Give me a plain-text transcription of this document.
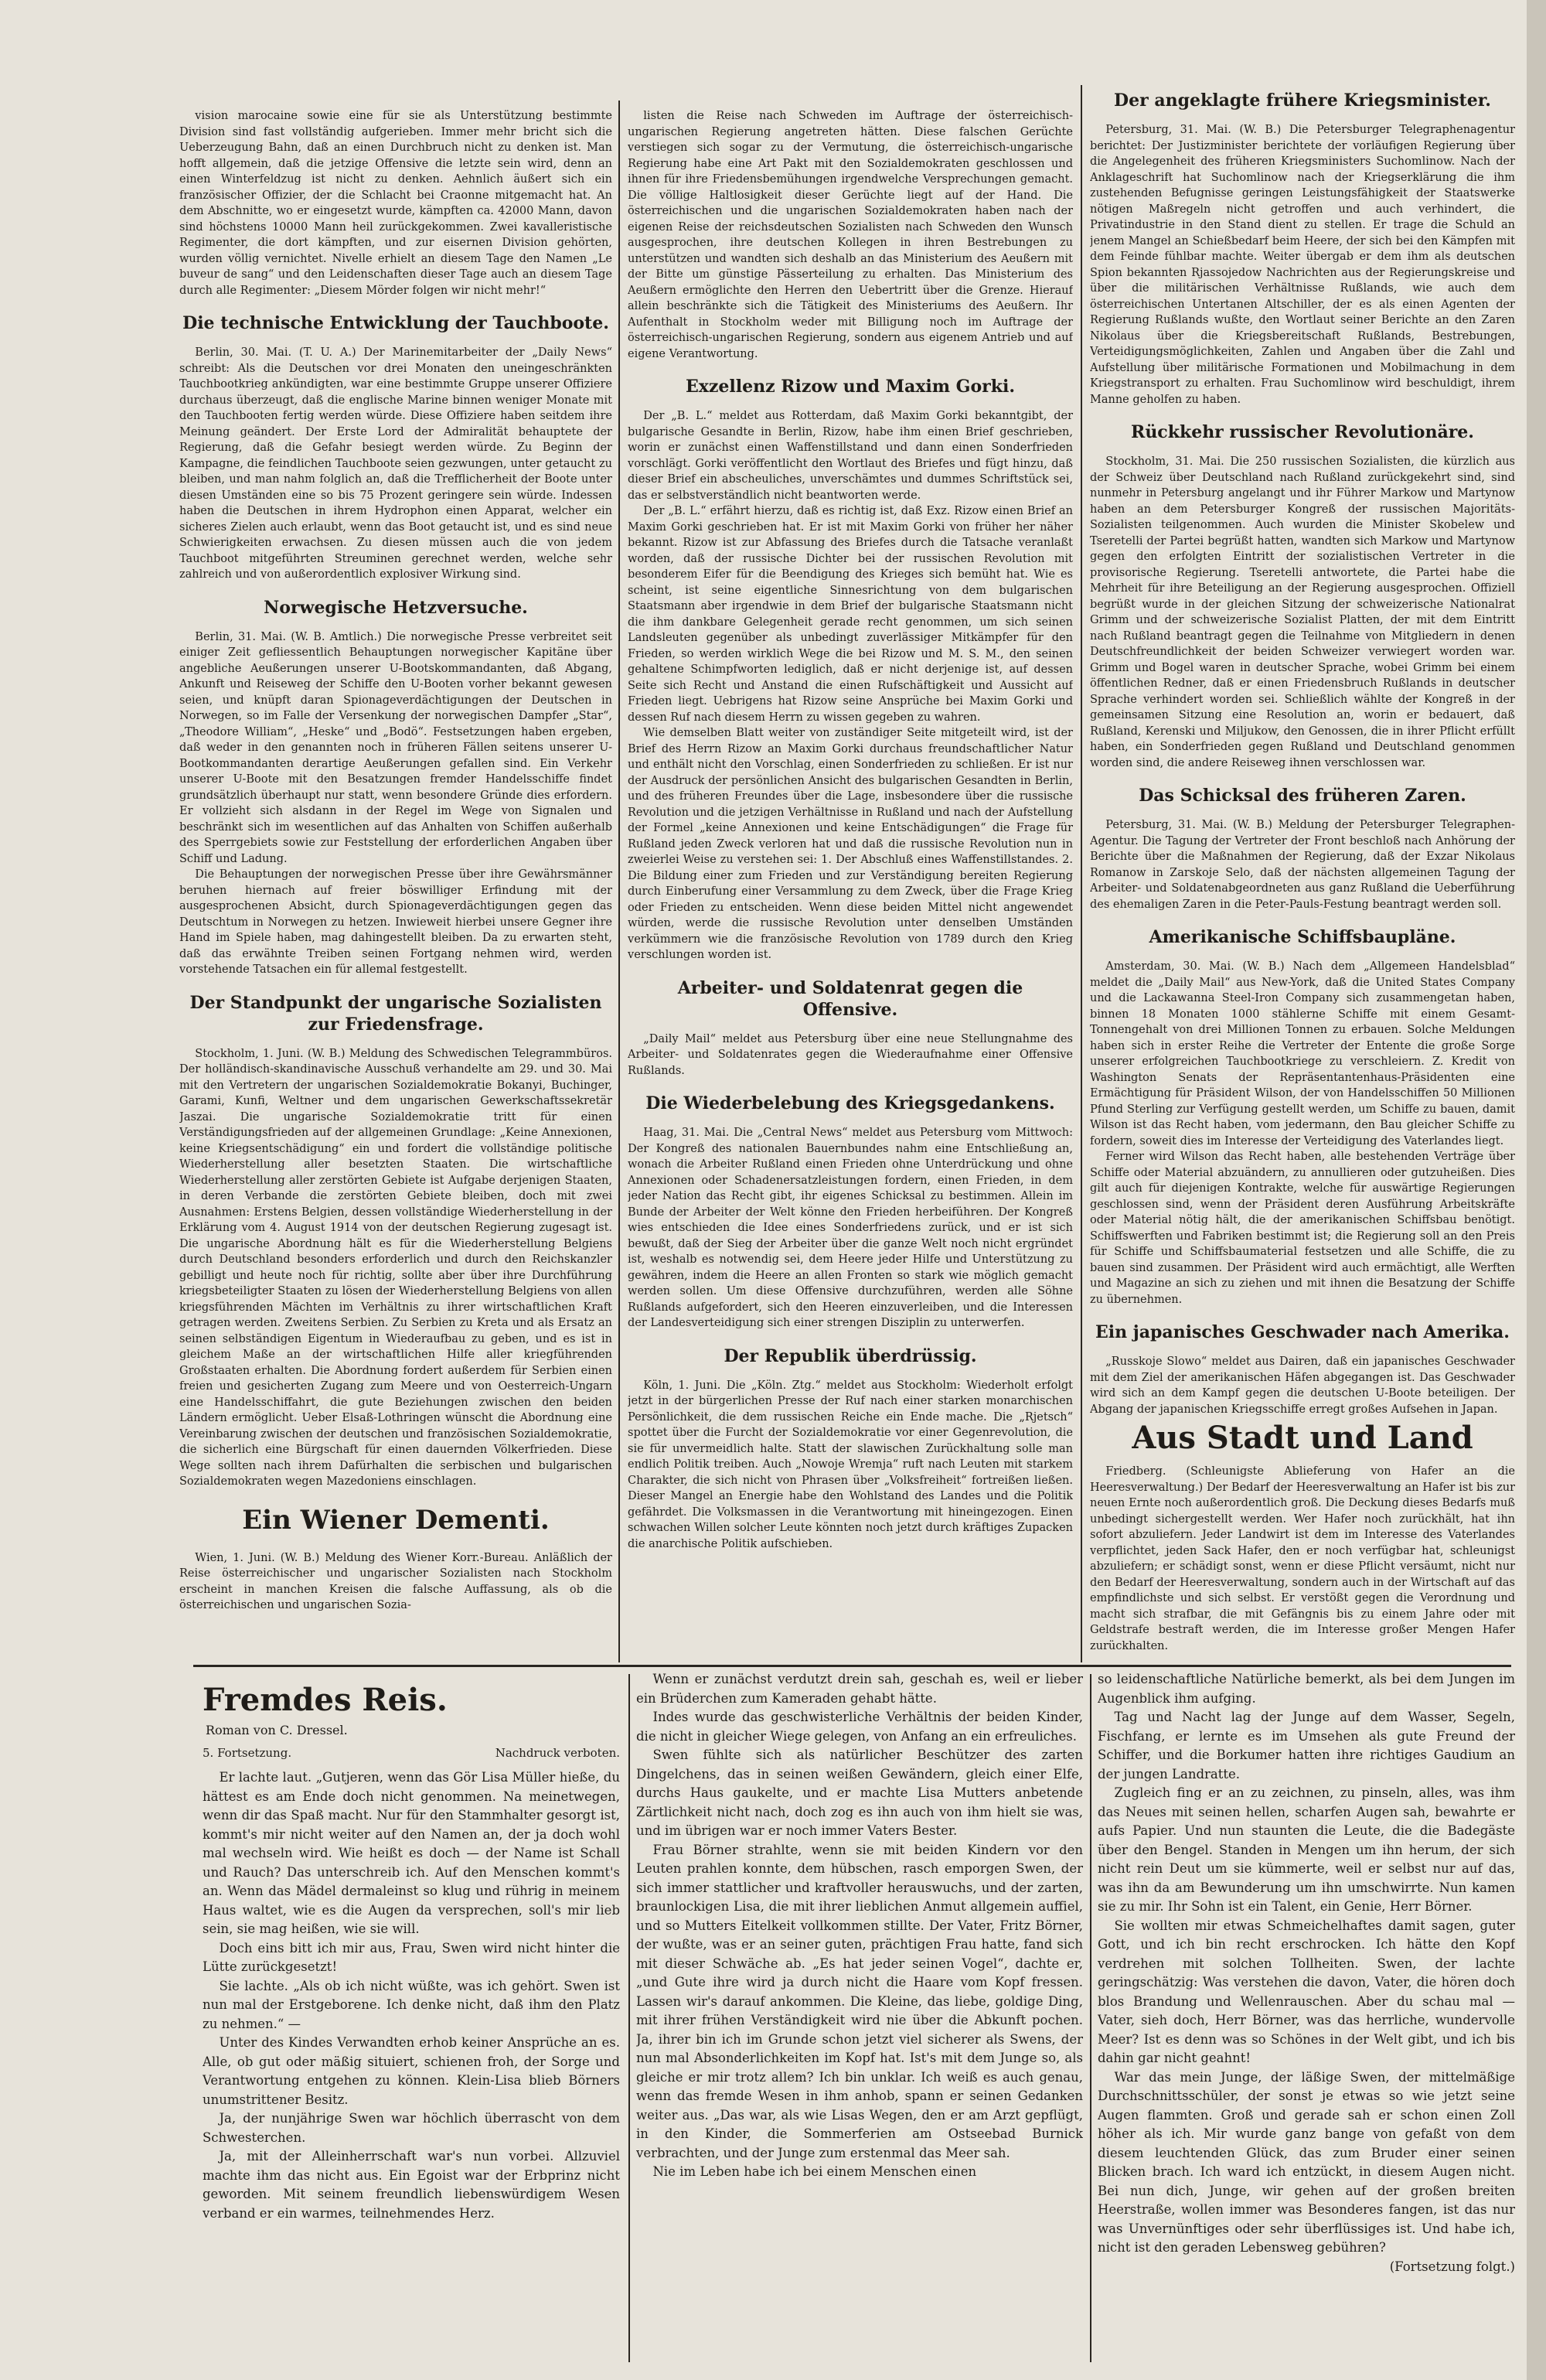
vision marocaine sowie eine für sie als Unterstützung bestimmte Division sind fast vollständig aufgerieben. Immer mehr bricht sich die Ueberzeugung Bahn, daß an einen Durchbruch nicht zu denken ist. Man hofft allgemein, daß die jetzige Offensive die letzte sein wird, denn an einen Winterfeldzug ist nicht zu denken. Aehnlich äußert sich ein französischer Offizier, der die Schlacht bei Craonne mitgemacht hat. An dem Abschnitte, wo er eingesetzt wurde, kämpften ca. 42000 Mann, davon sind höchstens 10000 Mann heil zurückgekommen. Zwei kavalleristische Regimenter, die dort kämpften, und zur eisernen Division gehörten, wurden völlig vernichtet. Nivelle erhielt an diesem Tage den Namen „Le buveur de sang“ und den Leidenschaften dieser Tage auch an diesem Tage durch alle Regimenter: „Diesem Mörder folgen wir nicht mehr!“

Die technische Entwicklung der Tauchboote.

Berlin, 30. Mai. (T. U. A.) Der Marinemitarbeiter der „Daily News“ schreibt: Als die Deutschen vor drei Monaten den uneingeschränkten Tauchbootkrieg ankündigten, war eine bestimmte Gruppe unserer Offiziere durchaus überzeugt, daß die englische Marine binnen weniger Monate mit den Tauchbooten fertig werden würde. Diese Offiziere haben seitdem ihre Meinung geändert. Der Erste Lord der Admiralität behauptete der Regierung, daß die Gefahr besiegt werden würde. Zu Beginn der Kampagne, die feindlichen Tauchboote seien gezwungen, unter getaucht zu bleiben, und man nahm folglich an, daß die Trefflicherheit der Boote unter diesen Umständen eine so bis 75 Prozent geringere sein würde. Indessen haben die Deutschen in ihrem Hydrophon einen Apparat, welcher ein sicheres Zielen auch erlaubt, wenn das Boot getaucht ist, und es sind neue Schwierigkeiten erwachsen. Zu diesen müssen auch die von jedem Tauchboot mitgeführten Streuminen gerechnet werden, welche sehr zahlreich und von außerordentlich explosiver Wirkung sind.

Norwegische Hetzversuche.

Berlin, 31. Mai. (W. B. Amtlich.) Die norwegische Presse verbreitet seit einiger Zeit gefliessentlich Behauptungen norwegischer Kapitäne über angebliche Aeußerungen unserer U-Bootskommandanten, daß Abgang, Ankunft und Reiseweg der Schiffe den U-Booten vorher bekannt gewesen seien, und knüpft daran Spionageverdächtigungen der Deutschen in Norwegen, so im Falle der Versenkung der norwegischen Dampfer „Star“, „Theodore William“, „Heske“ und „Bodö“. Festsetzungen haben ergeben, daß weder in den genannten noch in früheren Fällen seitens unserer U-Bootkommandanten derartige Aeußerungen gefallen sind. Ein Verkehr unserer U-Boote mit den Besatzungen fremder Handelsschiffe findet grundsätzlich überhaupt nur statt, wenn besondere Gründe dies erfordern. Er vollzieht sich alsdann in der Regel im Wege von Signalen und beschränkt sich im wesentlichen auf das Anhalten von Schiffen außerhalb des Sperrgebiets sowie zur Feststellung der erforderlichen Angaben über Schiff und Ladung.

Die Behauptungen der norwegischen Presse über ihre Gewährsmänner beruhen hiernach auf freier böswilliger Erfindung mit der ausgesprochenen Absicht, durch Spionageverdächtigungen gegen das Deutschtum in Norwegen zu hetzen. Inwieweit hierbei unsere Gegner ihre Hand im Spiele haben, mag dahingestellt bleiben. Da zu erwarten steht, daß das erwähnte Treiben seinen Fortgang nehmen wird, werden vorstehende Tatsachen ein für allemal festgestellt.

Der Standpunkt der ungarische Sozialisten zur Friedensfrage.

Stockholm, 1. Juni. (W. B.) Meldung des Schwedischen Telegrammbüros. Der holländisch-skandinavische Ausschuß verhandelte am 29. und 30. Mai mit den Vertretern der ungarischen Sozialdemokratie Bokanyi, Buchinger, Garami, Kunfi, Weltner und dem ungarischen Gewerkschaftssekretär Jaszai. Die ungarische Sozialdemokratie tritt für einen Verständigungsfrieden auf der allgemeinen Grundlage: „Keine Annexionen, keine Kriegsentschädigung“ ein und fordert die vollständige politische Wiederherstellung aller besetzten Staaten. Die wirtschaftliche Wiederherstellung aller zerstörten Gebiete ist Aufgabe derjenigen Staaten, in deren Verbande die zerstörten Gebiete bleiben, doch mit zwei Ausnahmen: Erstens Belgien, dessen vollständige Wiederherstellung in der Erklärung vom 4. August 1914 von der deutschen Regierung zugesagt ist. Die ungarische Abordnung hält es für die Wiederherstellung Belgiens durch Deutschland besonders erforderlich und durch den Reichskanzler gebilligt und heute noch für richtig, sollte aber über ihre Durchführung kriegsbeteiligter Staaten zu lösen der Wiederherstellung Belgiens von allen kriegsführenden Mächten im Verhältnis zu ihrer wirtschaftlichen Kraft getragen werden. Zweitens Serbien. Zu Serbien zu Kreta und als Ersatz an seinen selbständigen Eigentum in Wiederaufbau zu geben, und es ist in gleichem Maße an der wirtschaftlichen Hilfe aller kriegführenden Großstaaten erhalten. Die Abordnung fordert außerdem für Serbien einen freien und gesicherten Zugang zum Meere und von Oesterreich-Ungarn eine Handelsschiffahrt, die gute Beziehungen zwischen den beiden Ländern ermöglicht. Ueber Elsaß-Lothringen wünscht die Abordnung eine Vereinbarung zwischen der deutschen und französischen Sozialdemokratie, die sicherlich eine Bürgschaft für einen dauernden Völkerfrieden. Diese Wege sollten nach ihrem Dafürhalten die serbischen und bulgarischen Sozialdemokraten wegen Mazedoniens einschlagen.

Ein Wiener Dementi.

Wien, 1. Juni. (W. B.) Meldung des Wiener Korr.-Bureau. Anläßlich der Reise österreichischer und ungarischer Sozialisten nach Stockholm erscheint in manchen Kreisen die falsche Auffassung, als ob die österreichischen und ungarischen Sozia-

listen die Reise nach Schweden im Auftrage der österreichisch-ungarischen Regierung angetreten hätten. Diese falschen Gerüchte verstiegen sich sogar zu der Vermutung, die österreichisch-ungarische Regierung habe eine Art Pakt mit den Sozialdemokraten geschlossen und ihnen für ihre Friedensbemühungen irgendwelche Versprechungen gemacht. Die völlige Haltlosigkeit dieser Gerüchte liegt auf der Hand. Die österreichischen und die ungarischen Sozialdemokraten haben nach der eigenen Reise der reichsdeutschen Sozialisten nach Schweden den Wunsch ausgesprochen, ihre deutschen Kollegen in ihren Bestrebungen zu unterstützen und wandten sich deshalb an das Ministerium des Aeußern mit der Bitte um günstige Pässerteilung zu erhalten. Das Ministerium des Aeußern ermöglichte den Herren den Uebertritt über die Grenze. Hierauf allein beschränkte sich die Tätigkeit des Ministeriums des Aeußern. Ihr Aufenthalt in Stockholm weder mit Billigung noch im Auftrage der österreichisch-ungarischen Regierung, sondern aus eigenem Antrieb und auf eigene Verantwortung.

Exzellenz Rizow und Maxim Gorki.

Der „B. L.“ meldet aus Rotterdam, daß Maxim Gorki bekanntgibt, der bulgarische Gesandte in Berlin, Rizow, habe ihm einen Brief geschrieben, worin er zunächst einen Waffenstillstand und dann einen Sonderfrieden vorschlägt. Gorki veröffentlicht den Wortlaut des Briefes und fügt hinzu, daß dieser Brief ein abscheuliches, unverschämtes und dummes Schriftstück sei, das er selbstverständlich nicht beantworten werde.

Der „B. L.“ erfährt hierzu, daß es richtig ist, daß Exz. Rizow einen Brief an Maxim Gorki geschrieben hat. Er ist mit Maxim Gorki von früher her näher bekannt. Rizow ist zur Abfassung des Briefes durch die Tatsache veranlaßt worden, daß der russische Dichter bei der russischen Revolution mit besonderem Eifer für die Beendigung des Krieges sich bemüht hat. Wie es scheint, ist seine eigentliche Sinnesrichtung von dem bulgarischen Staatsmann aber irgendwie in dem Brief der bulgarische Staatsmann nicht die ihm dankbare Gelegenheit gerade recht genommen, um sich seinen Landsleuten gegenüber als unbedingt zuverlässiger Mitkämpfer für den Frieden, so werden wirklich Wege die bei Rizow und M. S. M., den seinen gehaltene Schimpfworten lediglich, daß er nicht derjenige ist, auf dessen Seite sich Recht und Anstand die einen Rufschäftigkeit und Aussicht auf Frieden liegt. Uebrigens hat Rizow seine Ansprüche bei Maxim Gorki und dessen Ruf nach diesem Herrn zu wissen gegeben zu wahren.

Wie demselben Blatt weiter von zuständiger Seite mitgeteilt wird, ist der Brief des Herrn Rizow an Maxim Gorki durchaus freundschaftlicher Natur und enthält nicht den Vorschlag, einen Sonderfrieden zu schließen. Er ist nur der Ausdruck der persönlichen Ansicht des bulgarischen Gesandten in Berlin, und des früheren Freundes über die Lage, insbesondere über die russische Revolution und die jetzigen Verhältnisse in Rußland und nach der Aufstellung der Formel „keine Annexionen und keine Entschädigungen“ die Frage für Rußland jeden Zweck verloren hat und daß die russische Revolution nun in zweierlei Weise zu verstehen sei: 1. Der Abschluß eines Waffenstillstandes. 2. Die Bildung einer zum Frieden und zur Verständigung bereiten Regierung durch Einberufung einer Versammlung zu dem Zweck, über die Frage Krieg oder Frieden zu entscheiden. Wenn diese beiden Mittel nicht angewendet würden, werde die russische Revolution unter denselben Umständen verkümmern wie die französische Revolution von 1789 durch den Krieg verschlungen worden ist.

Arbeiter- und Soldatenrat gegen die Offensive.

„Daily Mail“ meldet aus Petersburg über eine neue Stellungnahme des Arbeiter- und Soldatenrates gegen die Wiederaufnahme einer Offensive Rußlands.

Die Wiederbelebung des Kriegsgedankens.

Haag, 31. Mai. Die „Central News“ meldet aus Petersburg vom Mittwoch: Der Kongreß des nationalen Bauernbundes nahm eine Entschließung an, wonach die Arbeiter Rußland einen Frieden ohne Unterdrückung und ohne Annexionen oder Schadenersatzleistungen fordern, einen Frieden, in dem jeder Nation das Recht gibt, ihr eigenes Schicksal zu bestimmen. Allein im Bunde der Arbeiter der Welt könne den Frieden herbeiführen. Der Kongreß wies entschieden die Idee eines Sonderfriedens zurück, und er ist sich bewußt, daß der Sieg der Arbeiter über die ganze Welt noch nicht ergründet ist, weshalb es notwendig sei, dem Heere jeder Hilfe und Unterstützung zu gewähren, indem die Heere an allen Fronten so stark wie möglich gemacht werden sollen. Um diese Offensive durchzuführen, werden alle Söhne Rußlands aufgefordert, sich den Heeren einzuverleiben, und die Interessen der Landesverteidigung sich einer strengen Disziplin zu unterwerfen.

Der Republik überdrüssig.

Köln, 1. Juni. Die „Köln. Ztg.“ meldet aus Stockholm: Wiederholt erfolgt jetzt in der bürgerlichen Presse der Ruf nach einer starken monarchischen Persönlichkeit, die dem russischen Reiche ein Ende mache. Die „Rjetsch“ spottet über die Furcht der Sozialdemokratie vor einer Gegenrevolution, die sie für unvermeidlich halte. Statt der slawischen Zurückhaltung solle man endlich Politik treiben. Auch „Nowoje Wremja“ ruft nach Leuten mit starkem Charakter, die sich nicht von Phrasen über „Volksfreiheit“ fortreißen ließen. Dieser Mangel an Energie habe den Wohlstand des Landes und die Politik gefährdet. Die Volksmassen in die Verantwortung mit hineingezogen. Einen schwachen Willen solcher Leute könnten noch jetzt durch kräftiges Zupacken die anarchische Politik aufschieben.

Der angeklagte frühere Kriegsminister.

Petersburg, 31. Mai. (W. B.) Die Petersburger Telegraphenagentur berichtet: Der Justizminister berichtete der vorläufigen Regierung über die Angelegenheit des früheren Kriegsministers Suchomlinow. Nach der Anklageschrift hat Suchomlinow nach der Kriegserklärung die ihm zustehenden Befugnisse geringen Leistungsfähigkeit der Staatswerke nötigen Maßregeln nicht getroffen und auch verhindert, die Privatindustrie in den Stand dient zu stellen. Er trage die Schuld an jenem Mangel an Schießbedarf beim Heere, der sich bei den Kämpfen mit dem Feinde fühlbar machte. Weiter übergab er dem ihm als deutschen Spion bekannten Rjassojedow Nachrichten aus der Regierungskreise und über die militärischen Verhältnisse Rußlands, wie auch dem österreichischen Untertanen Altschiller, der es als einen Agenten der Regierung Rußlands wußte, den Wortlaut seiner Berichte an den Zaren Nikolaus über die Kriegsbereitschaft Rußlands, Bestrebungen, Verteidigungsmöglichkeiten, Zahlen und Angaben über die Zahl und Aufstellung über militärische Formationen und Mobilmachung in dem Kriegstransport zu erhalten. Frau Suchomlinow wird beschuldigt, ihrem Manne geholfen zu haben.

Rückkehr russischer Revolutionäre.

Stockholm, 31. Mai. Die 250 russischen Sozialisten, die kürzlich aus der Schweiz über Deutschland nach Rußland zurückgekehrt sind, sind nunmehr in Petersburg angelangt und ihr Führer Markow und Martynow haben an dem Petersburger Kongreß der russischen Majoritäts-Sozialisten teilgenommen. Auch wurden die Minister Skobelew und Tseretelli der Partei begrüßt hatten, wandten sich Markow und Martynow gegen den erfolgten Eintritt der sozialistischen Vertreter in die provisorische Regierung. Tseretelli antwortete, die Partei habe die Mehrheit für ihre Beteiligung an der Regierung ausgesprochen. Offiziell begrüßt wurde in der gleichen Sitzung der schweizerische Nationalrat Grimm und der schweizerische Sozialist Platten, der mit dem Eintritt nach Rußland beantragt gegen die Teilnahme von Mitgliedern in denen Deutschfreundlichkeit der beiden Schweizer verwiegert worden war. Grimm und Bogel waren in deutscher Sprache, wobei Grimm bei einem öffentlichen Redner, daß er einen Friedensbruch Rußlands in deutscher Sprache verhindert worden sei. Schließlich wählte der Kongreß in der gemeinsamen Sitzung eine Resolution an, worin er bedauert, daß Rußland, Kerenski und Miljukow, den Genossen, die in ihrer Pflicht erfüllt haben, ein Sonderfrieden gegen Rußland und Deutschland genommen worden sind, die andere Reiseweg ihnen verschlossen war.

Das Schicksal des früheren Zaren.

Petersburg, 31. Mai. (W. B.) Meldung der Petersburger Telegraphen-Agentur. Die Tagung der Vertreter der Front beschloß nach Anhörung der Berichte über die Maßnahmen der Regierung, daß der Exzar Nikolaus Romanow in Zarskoje Selo, daß der nächsten allgemeinen Tagung der Arbeiter- und Soldatenabgeordneten aus ganz Rußland die Ueberführung des ehemaligen Zaren in die Peter-Pauls-Festung beantragt werden soll.

Amerikanische Schiffsbaupläne.

Amsterdam, 30. Mai. (W. B.) Nach dem „Allgemeen Handelsblad“ meldet die „Daily Mail“ aus New-York, daß die United States Company und die Lackawanna Steel-Iron Company sich zusammengetan haben, binnen 18 Monaten 1000 stählerne Schiffe mit einem Gesamt-Tonnengehalt von drei Millionen Tonnen zu erbauen. Solche Meldungen haben sich in erster Reihe die Vertreter der Entente die große Sorge unserer erfolgreichen Tauchbootkriege zu verschleiern. Z. Kredit von Washington Senats der Repräsentantenhaus-Präsidenten eine Ermächtigung für Präsident Wilson, der von Handelsschiffen 50 Millionen Pfund Sterling zur Verfügung gestellt werden, um Schiffe zu bauen, damit Wilson ist das Recht haben, vom jedermann, den Bau gleicher Schiffe zu fordern, soweit dies im Interesse der Verteidigung des Vaterlandes liegt.

Ferner wird Wilson das Recht haben, alle bestehenden Verträge über Schiffe oder Material abzuändern, zu annullieren oder gutzuheißen. Dies gilt auch für diejenigen Kontrakte, welche für auswärtige Regierungen geschlossen sind, wenn der Präsident deren Ausführung Arbeitskräfte oder Material nötig hält, die der amerikanischen Schiffsbau benötigt. Schiffswerften und Fabriken bestimmt ist; die Regierung soll an den Preis für Schiffe und Schiffsbaumaterial festsetzen und alle Schiffe, die zu bauen sind zusammen. Der Präsident wird auch ermächtigt, alle Werften und Magazine an sich zu ziehen und mit ihnen die Besatzung der Schiffe zu übernehmen.

Ein japanisches Geschwader nach Amerika.

„Russkoje Slowo“ meldet aus Dairen, daß ein japanisches Geschwader mit dem Ziel der amerikanischen Häfen abgegangen ist. Das Geschwader wird sich an dem Kampf gegen die deutschen U-Boote beteiligen. Der Abgang der japanischen Kriegsschiffe erregt großes Aufsehen in Japan.

Aus Stadt und Land

Friedberg. (Schleunigste Ablieferung von Hafer an die Heeresverwaltung.) Der Bedarf der Heeresverwaltung an Hafer ist bis zur neuen Ernte noch außerordentlich groß. Die Deckung dieses Bedarfs muß unbedingt sichergestellt werden. Wer Hafer noch zurückhält, hat ihn sofort abzuliefern. Jeder Landwirt ist dem im Interesse des Vaterlandes verpflichtet, jeden Sack Hafer, den er noch verfügbar hat, schleunigst abzuliefern; er schädigt sonst, wenn er diese Pflicht versäumt, nicht nur den Bedarf der Heeresverwaltung, sondern auch in der Wirtschaft auf das empfindlichste und sich selbst. Er verstößt gegen die Verordnung und macht sich strafbar, die mit Gefängnis bis zu einem Jahre oder mit Geldstrafe bestraft werden, die im Interesse großer Mengen Hafer zurückhalten.

Fremdes Reis.
Roman von C. Dressel.
5. Fortsetzung.	Nachdruck verboten.

Er lachte laut. „Gutjeren, wenn das Gör Lisa Müller hieße, du hättest es am Ende doch nicht genommen. Na meinetwegen, wenn dir das Spaß macht. Nur für den Stammhalter gesorgt ist, kommt's mir nicht weiter auf den Namen an, der ja doch wohl mal wechseln wird. Wie heißt es doch — der Name ist Schall und Rauch? Das unterschreib ich. Auf den Menschen kommt's an. Wenn das Mädel dermaleinst so klug und rührig in meinem Haus waltet, wie es die Augen da versprechen, soll's mir lieb sein, sie mag heißen, wie sie will.

Doch eins bitt ich mir aus, Frau, Swen wird nicht hinter die Lütte zurückgesetzt!

Sie lachte. „Als ob ich nicht wüßte, was ich gehört. Swen ist nun mal der Erstgeborene. Ich denke nicht, daß ihm den Platz zu nehmen.“ —

Unter des Kindes Verwandten erhob keiner Ansprüche an es. Alle, ob gut oder mäßig situiert, schienen froh, der Sorge und Verantwortung entgehen zu können. Klein-Lisa blieb Börners unumstrittener Besitz.

Ja, der nunjährige Swen war höchlich überrascht von dem Schwesterchen.

Ja, mit der Alleinherrschaft war's nun vorbei. Allzuviel machte ihm das nicht aus. Ein Egoist war der Erbprinz nicht geworden. Mit seinem freundlich liebenswürdigem Wesen verband er ein warmes, teilnehmendes Herz.

Wenn er zunächst verdutzt drein sah, geschah es, weil er lieber ein Brüderchen zum Kameraden gehabt hätte.

Indes wurde das geschwisterliche Verhältnis der beiden Kinder, die nicht in gleicher Wiege gelegen, von Anfang an ein erfreuliches.

Swen fühlte sich als natürlicher Beschützer des zarten Dingelchens, das in seinen weißen Gewändern, gleich einer Elfe, durchs Haus gaukelte, und er machte Lisa Mutters anbetende Zärtlichkeit nicht nach, doch zog es ihn auch von ihm hielt sie was, und im übrigen war er noch immer Vaters Bester.

Frau Börner strahlte, wenn sie mit beiden Kindern vor den Leuten prahlen konnte, dem hübschen, rasch emporgen Swen, der sich immer stattlicher und kraftvoller herauswuchs, und der zarten, braunlockigen Lisa, die mit ihrer lieblichen Anmut allgemein auffiel, und so Mutters Eitelkeit vollkommen stillte. Der Vater, Fritz Börner, der wußte, was er an seiner guten, prächtigen Frau hatte, fand sich mit dieser Schwäche ab. „Es hat jeder seinen Vogel“, dachte er, „und Gute ihre wird ja durch nicht die Haare vom Kopf fressen. Lassen wir's darauf ankommen. Die Kleine, das liebe, goldige Ding, mit ihrer frühen Verständigkeit wird nie über die Abkunft pochen. Ja, ihrer bin ich im Grunde schon jetzt viel sicherer als Swens, der nun mal Absonderlichkeiten im Kopf hat. Ist's mit dem Junge so, als gleiche er mir trotz allem? Ich bin unklar. Ich weiß es auch genau, wenn das fremde Wesen in ihm anhob, spann er seinen Gedanken weiter aus. „Das war, als wie Lisas Wegen, den er am Arzt gepflügt, in den Kinder, die Sommerferien am Ostseebad Burnick verbrachten, und der Junge zum erstenmal das Meer sah.

Nie im Leben habe ich bei einem Menschen einen

so leidenschaftliche Natürliche bemerkt, als bei dem Jungen im Augenblick ihm aufging.

Tag und Nacht lag der Junge auf dem Wasser, Segeln, Fischfang, er lernte es im Umsehen als gute Freund der Schiffer, und die Borkumer hatten ihre richtiges Gaudium an der jungen Landratte.

Zugleich fing er an zu zeichnen, zu pinseln, alles, was ihm das Neues mit seinen hellen, scharfen Augen sah, bewahrte er aufs Papier. Und nun staunten die Leute, die die Badegäste über den Bengel. Standen in Mengen um ihn herum, der sich nicht rein Deut um sie kümmerte, weil er selbst nur auf das, was ihn da am Bewunderung um ihn umschwirrte. Nun kamen sie zu mir. Ihr Sohn ist ein Talent, ein Genie, Herr Börner.

Sie wollten mir etwas Schmeichelhaftes damit sagen, guter Gott, und ich bin recht erschrocken. Ich hätte den Kopf verdrehen mit solchen Tollheiten. Swen, der lachte geringschätzig: Was verstehen die davon, Vater, die hören doch blos Brandung und Wellenrauschen. Aber du schau mal — Vater, sieh doch, Herr Börner, was das herrliche, wundervolle Meer? Ist es denn was so Schönes in der Welt gibt, und ich bis dahin gar nicht geahnt!

War das mein Junge, der läßige Swen, der mittelmäßige Durchschnittsschüler, der sonst je etwas so wie jetzt seine Augen flammten. Groß und gerade sah er schon einen Zoll höher als ich. Mir wurde ganz bange von gefaßt von dem diesem leuchtenden Glück, das zum Bruder einer seinen Blicken brach. Ich ward ich entzückt, in diesem Augen nicht. Bei nun dich, Junge, wir gehen auf der großen breiten Heerstraße, wollen immer was Besonderes fangen, ist das nur was Unvernünftiges oder sehr überflüssiges ist. Und habe ich, nicht ist den geraden Lebensweg gebühren?

(Fortsetzung folgt.)
